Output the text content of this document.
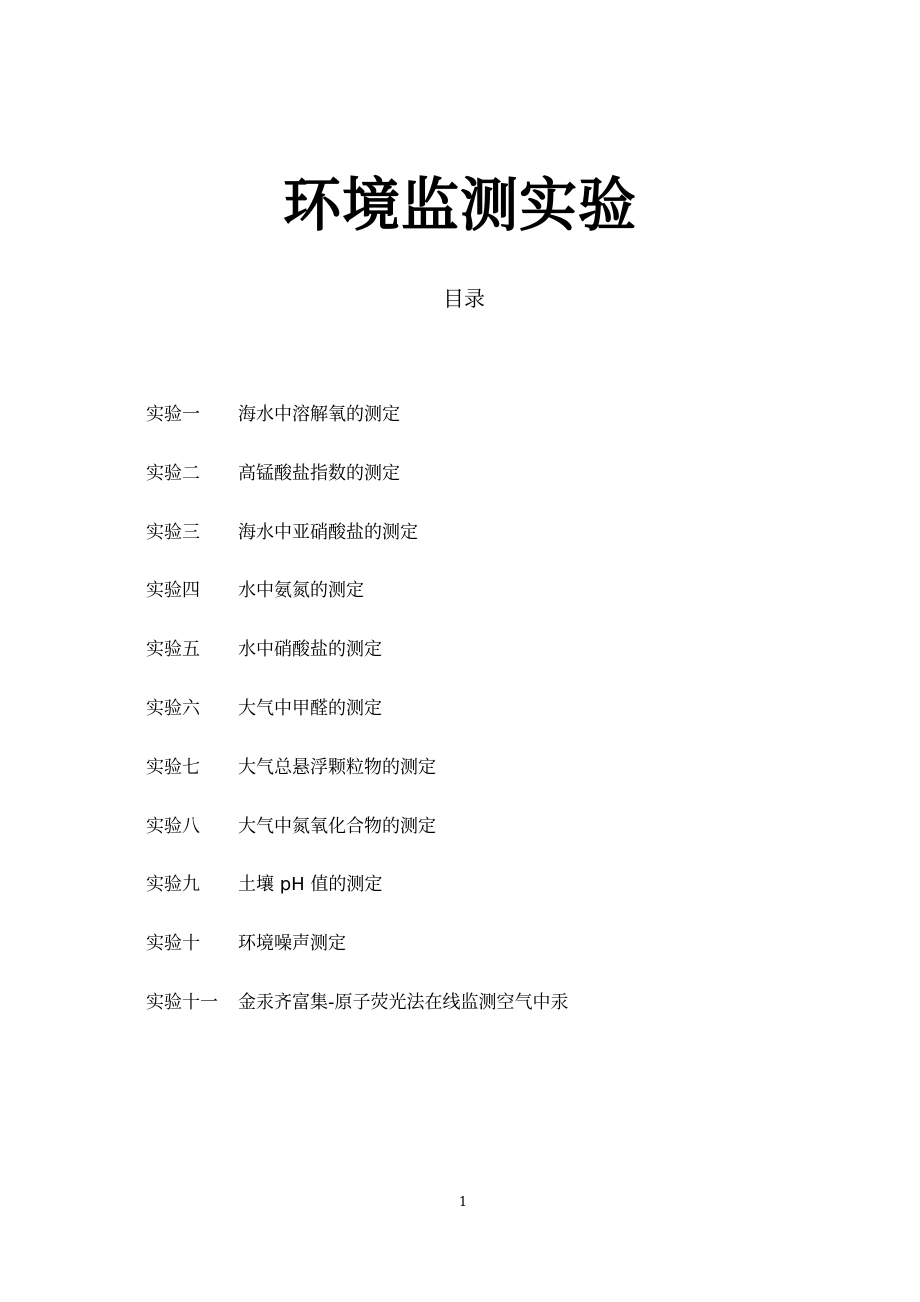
环境监测实验
目录
实验一	海水中溶解氧的测定
实验二	高锰酸盐指数的测定
实验三	海水中亚硝酸盐的测定
实验四	水中氨氮的测定
实验五	水中硝酸盐的测定
实验六	大气中甲醛的测定
实验七	大气总悬浮颗粒物的测定
实验八	大气中氮氧化合物的测定
实验九	土壤 pH 值的测定
实验十	环境噪声测定
实验十一	金汞齐富集-原子荧光法在线监测空气中汞
1
